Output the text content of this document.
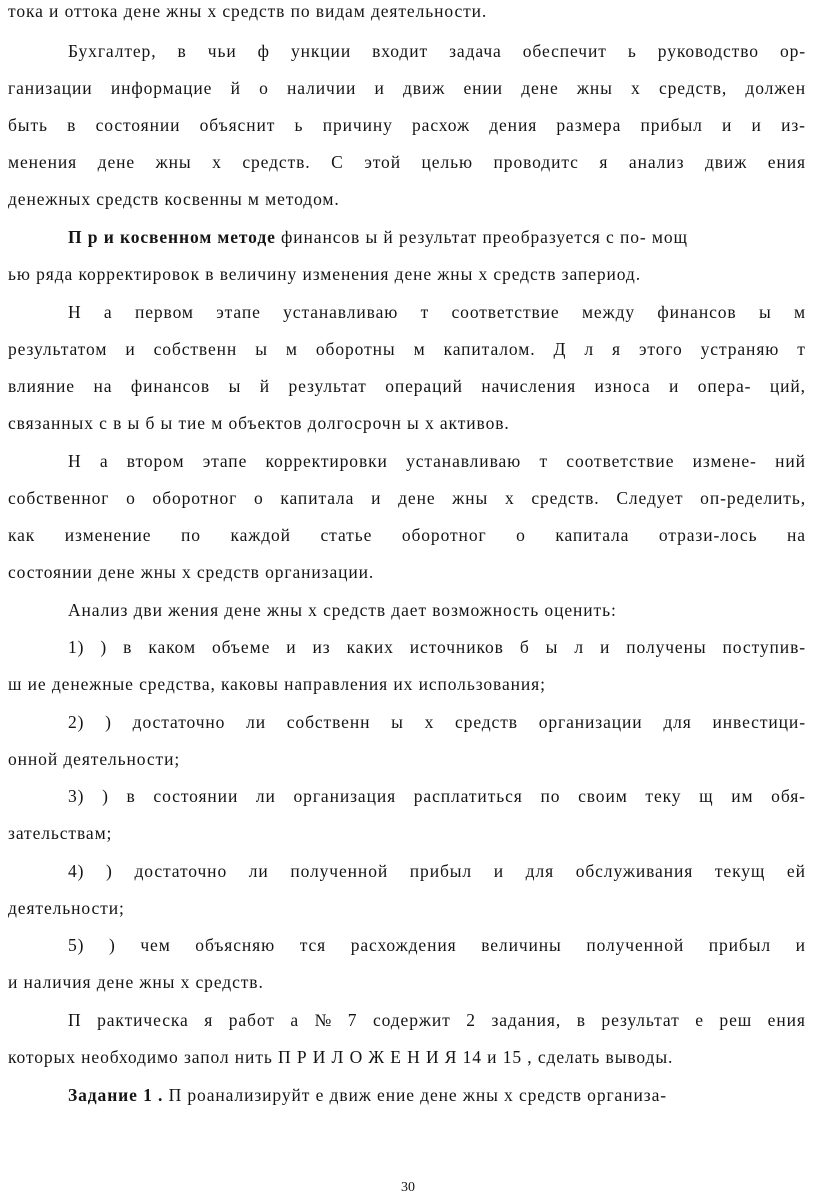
тока и оттока дене жны х средств по видам деятельности.
Бухгалтер, в чьи ф ункции входит задача обеспечит ь руководство ор-
ганизации информацие й о наличии и движ ении дене жны х средств, должен
быть в состоянии объяснит ь причину расхож дения размера прибыл и и из-
менения дене жны х средств. С этой целью проводитс я анализ движ ения
денежных средств косвенны м методом.
П р и косвенном методе финансов ы й результат преобразуется с по- мощ
ью ряда корректировок в величину изменения дене жны х средств запериод.
Н а первом этапе устанавливаю т соответствие между финансов ы м
результатом и собственн ы м оборотны м капиталом. Д л я этого устраняю т
влияние на финансов ы й результат операций начисления износа и опера- ций,
связанных с в ы б ы тие м объектов долгосрочн ы х активов.
Н а втором этапе корректировки устанавливаю т соответствие измене- ний
собственног о оборотног о капитала и дене жны х средств. Следует оп-ределить,
как изменение по каждой статье оборотног о капитала отрази-лось на
состоянии дене жны х средств организации.
Анализ дви жения дене жны х средств дает возможность оценить:
1) ) в каком объеме и из каких источников б ы л и получены поступив-
ш ие денежные средства, каковы направления их использования;
2) ) достаточно ли собственн ы х средств организации для инвестици-
онной деятельности;
3) ) в состоянии ли организация расплатиться по своим теку щ им обя-
зательствам;
4) ) достаточно ли полученной прибыл и для обслуживания текущ ей
деятельности;
5) ) чем объясняю тся расхождения величины полученной прибыл и
и наличия дене жны х средств.
П рактическа я работ а № 7 содержит 2 задания, в результат е реш ения
которых необходимо запол нить П Р И Л О Ж Е Н И Я 14 и 15 , сделать выводы.
Задание 1 . П роанализируйт е движ ение дене жны х средств организа-
30
